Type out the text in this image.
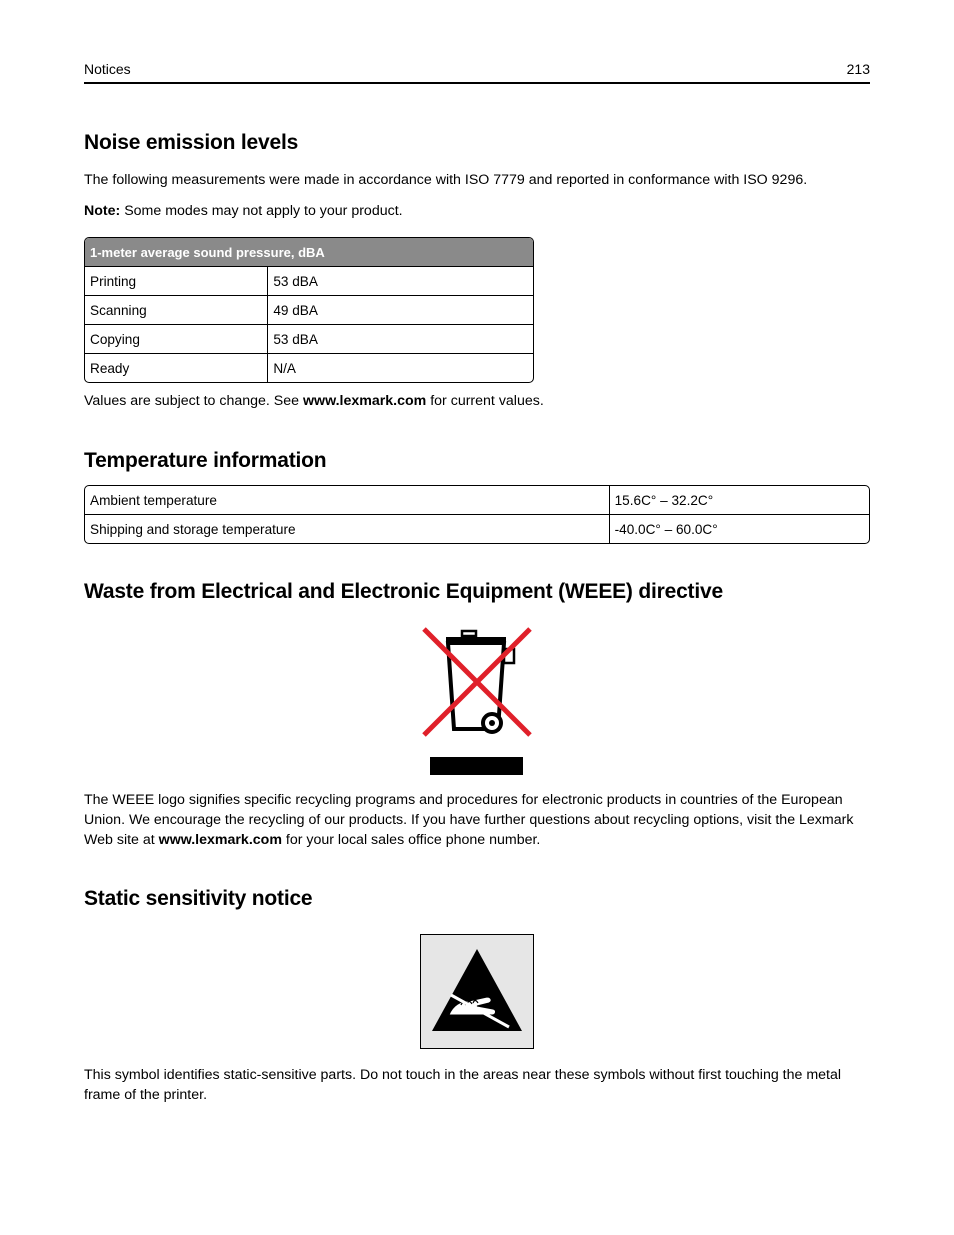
Notices	213
Noise emission levels

The following measurements were made in accordance with ISO 7779 and reported in conformance with ISO 9296.

Note: Some modes may not apply to your product.

1-meter average sound pressure, dBA	
Printing	53 dBA
Scanning	49 dBA
Copying	53 dBA
Ready	N/A

Values are subject to change. See www.lexmark.com for current values.

Temperature information
Ambient temperature	15.6C° – 32.2C°
Shipping and storage temperature	-40.0C° – 60.0C°
Waste from Electrical and Electronic Equipment (WEEE) directive

The WEEE logo signifies specific recycling programs and procedures for electronic products in countries of the European Union. We encourage the recycling of our products. If you have further questions about recycling options, visit the Lexmark Web site at www.lexmark.com for your local sales office phone number.

Static sensitivity notice

This symbol identifies static-sensitive parts. Do not touch in the areas near these symbols without first touching the metal frame of the printer.
